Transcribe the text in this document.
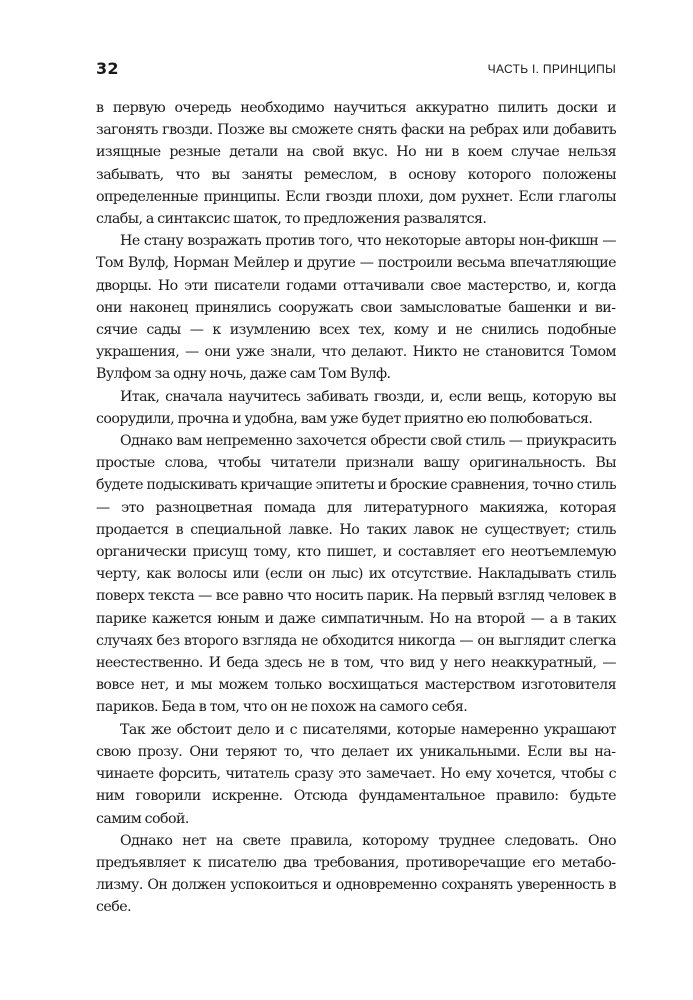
32	ЧАСТЬ I. ПРИНЦИПЫ

в первую очередь необходимо научиться аккуратно пилить доски и загонять гвозди. Позже вы сможете снять фаски на ребрах или добавить изящные резные детали на свой вкус. Но ни в коем случае нельзя забывать, что вы заняты ремеслом, в основу которого положены определенные принципы. Если гвозди плохи, дом рухнет. Если глаголы слабы, а синтаксис шаток, то предложения развалятся.

Не стану возражать против того, что некоторые авторы нон-фикшн — Том Вулф, Норман Мейлер и другие — построили весьма впечатляющие дворцы. Но эти писатели годами оттачивали свое мастерство, и, когда они наконец принялись сооружать свои замысловатые башенки и висячие сады — к изумлению всех тех, кому и не снились подобные украшения, — они уже знали, что делают. Никто не становится Томом Вулфом за одну ночь, даже сам Том Вулф.

Итак, сначала научитесь забивать гвозди, и, если вещь, которую вы соорудили, прочна и удобна, вам уже будет приятно ею полюбоваться.

Однако вам непременно захочется обрести свой стиль — приукрасить простые слова, чтобы читатели признали вашу оригинальность. Вы будете подыскивать кричащие эпитеты и броские сравнения, точно стиль — это разноцветная помада для литературного макияжа, которая продается в специальной лавке. Но таких лавок не существует; стиль органически присущ тому, кто пишет, и составляет его неотъемлемую черту, как волосы или (если он лыс) их отсутствие. Накладывать стиль поверх текста — все равно что носить парик. На первый взгляд человек в парике кажется юным и даже симпатичным. Но на второй — а в таких случаях без второго взгляда не обходится никогда — он выглядит слегка неестественно. И беда здесь не в том, что вид у него неаккуратный, — вовсе нет, и мы можем только восхищаться мастерством изготовителя париков. Беда в том, что он не похож на самого себя.

Так же обстоит дело и с писателями, которые намеренно украшают свою прозу. Они теряют то, что делает их уникальными. Если вы начинаете форсить, читатель сразу это замечает. Но ему хочется, чтобы с ним говорили искренне. Отсюда фундаментальное правило: будьте самим собой.

Однако нет на свете правила, которому труднее следовать. Оно предъявляет к писателю два требования, противоречащие его метаболизму. Он должен успокоиться и одновременно сохранять уверенность в себе.
